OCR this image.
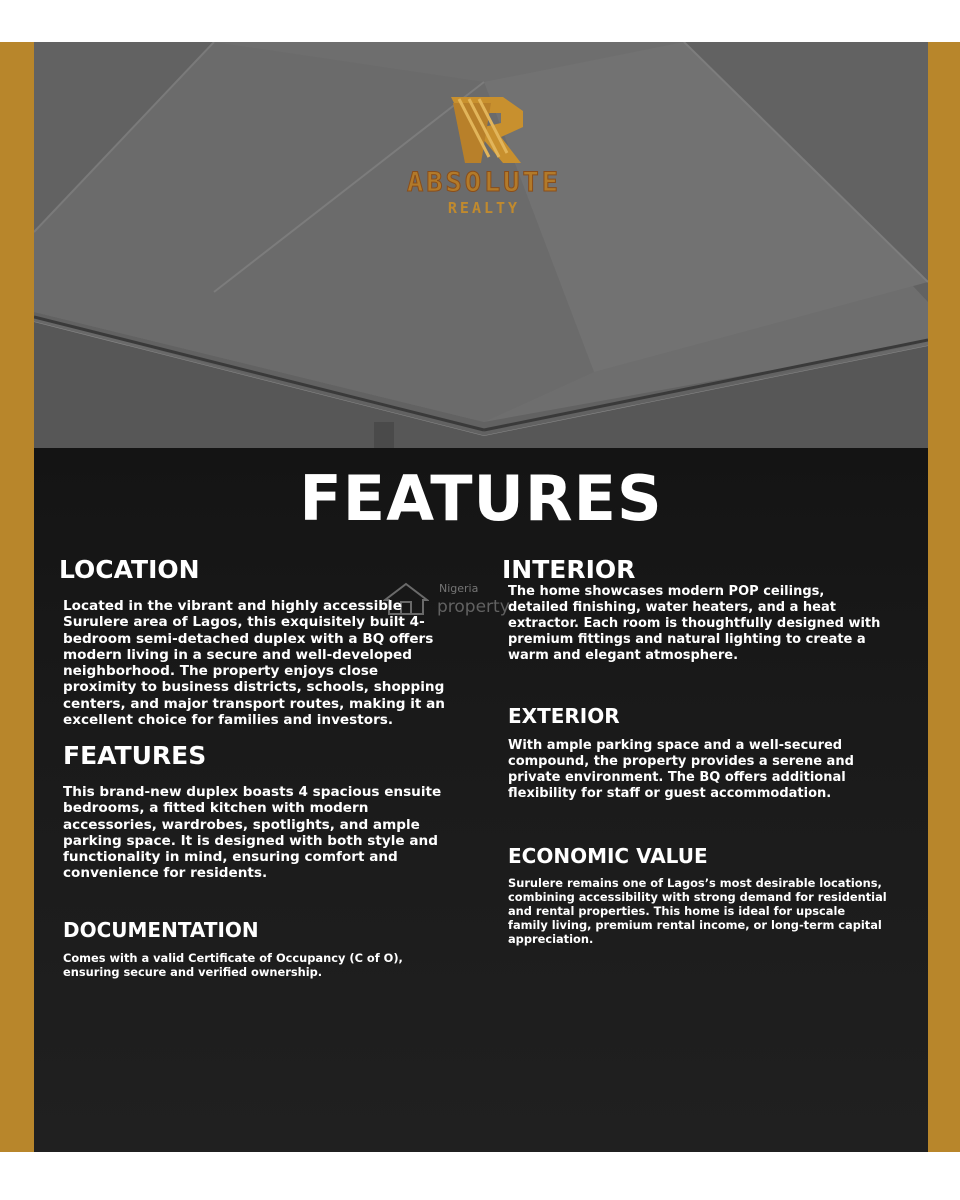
ABSOLUTE
REALTY
Nigeria
property
FEATURES
LOCATION
Located in the vibrant and highly accessible
Surulere area of Lagos, this exquisitely built 4-
bedroom semi-detached duplex with a BQ offers
modern living in a secure and well-developed
neighborhood. The property enjoys close
proximity to business districts, schools, shopping
centers, and major transport routes, making it an
excellent choice for families and investors.
FEATURES
This brand-new duplex boasts 4 spacious ensuite
bedrooms, a fitted kitchen with modern
accessories, wardrobes, spotlights, and ample
parking space. It is designed with both style and
functionality in mind, ensuring comfort and
convenience for residents.
DOCUMENTATION
Comes with a valid Certificate of Occupancy (C of O),
ensuring secure and verified ownership.
INTERIOR
The home showcases modern POP ceilings,
detailed finishing, water heaters, and a heat
extractor. Each room is thoughtfully designed with
premium fittings and natural lighting to create a
warm and elegant atmosphere.
EXTERIOR
With ample parking space and a well-secured
compound, the property provides a serene and
private environment. The BQ offers additional
flexibility for staff or guest accommodation.
ECONOMIC VALUE
Surulere remains one of Lagos’s most desirable locations,
combining accessibility with strong demand for residential
and rental properties. This home is ideal for upscale
family living, premium rental income, or long-term capital
appreciation.
